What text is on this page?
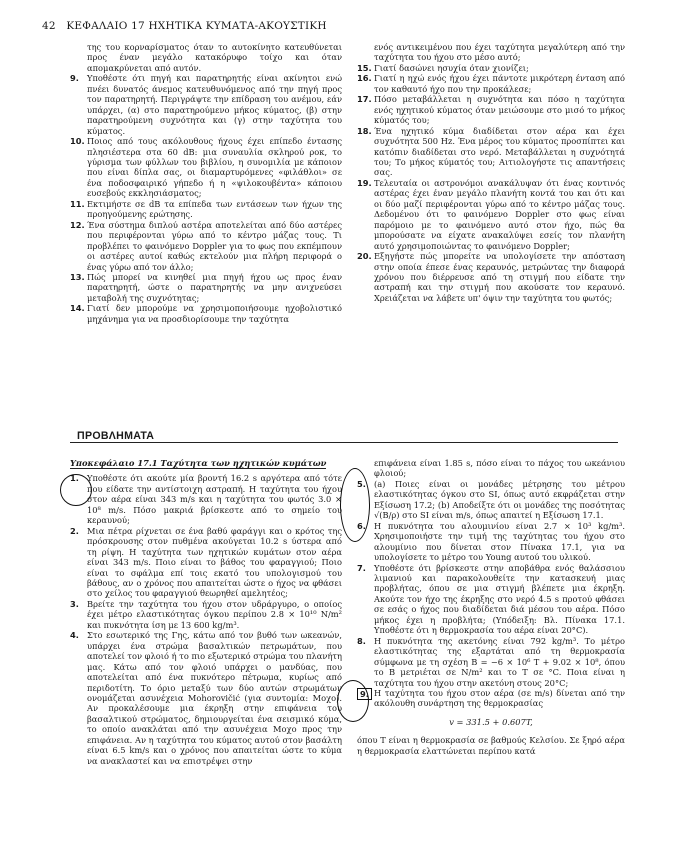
42 ΚΕΦΑΛΑΙΟ 17 ΗΧΗΤΙΚΑ ΚΥΜΑΤΑ-ΑΚΟΥΣΤΙΚΗ
της του κορναρίσματος όταν το αυτοκίνητο κατευθύνεται προς έναν μεγάλο κατακόρυφο τοίχο και όταν απομακρύνεται από αυτόν.
9. Υποθέστε ότι πηγή και παρατηρητής είναι ακίνητοι ενώ πνέει δυνατός άνεμος κατευθυνόμενος από την πηγή προς τον παρατηρητή. Περιγράψτε την επίδραση του ανέμου, εάν υπάρχει, (α) στο παρατηρούμενο μήκος κύματος, (β) στην παρατηρούμενη συχνότητα και (γ) στην ταχύτητα του κύματος.
10. Ποιος από τους ακόλουθους ήχους έχει επίπεδο έντασης πλησιέστερα στα 60 dB: μια συναυλία σκληρού ροκ, το γύρισμα των φύλλων του βιβλίου, η συνομιλία με κάποιον που είναι δίπλα σας, οι διαμαρτυρόμενες «φιλάθλοι» σε ένα ποδοσφαιρικό γήπεδο ή η «ψιλοκουβέντα» κάποιου ευσεβούς εκκλησιάσματος;
11. Εκτιμήστε σε dB τα επίπεδα των εντάσεων των ήχων της προηγούμενης ερώτησης.
12. Ένα σύστημα διπλού αστέρα αποτελείται από δύο αστέρες που περιφέρονται γύρω από το κέντρο μάζας τους. Τι προβλέπει το φαινόμενο Doppler για το φως που εκπέμπουν οι αστέρες αυτοί καθώς εκτελούν μια πλήρη περιφορά ο ένας γύρω από τον άλλο;
13. Πώς μπορεί να κινηθεί μια πηγή ήχου ως προς έναν παρατηρητή, ώστε ο παρατηρητής να μην ανιχνεύσει μεταβολή της συχνότητας;
14. Γιατί δεν μπορούμε να χρησιμοποιήσουμε ηχοβολιστικό μηχάνημα για να προσδιορίσουμε την ταχύτητα
ενός αντικειμένου που έχει ταχύτητα μεγαλύτερη από την ταχύτητα του ήχου στο μέσο αυτό;
15. Γιατί δασώνει ησυχία όταν χιονίζει;
16. Γιατί η ηχώ ενός ήχου έχει πάντοτε μικρότερη ένταση από τον καθαυτό ήχο που την προκάλεσε;
17. Πόσο μεταβάλλεται η συχνότητα και πόσο η ταχύτητα ενός ηχητικού κύματος όταν μειώσουμε στο μισό το μήκος κύματός του;
18. Ένα ηχητικό κύμα διαδίδεται στον αέρα και έχει συχνότητα 500 Hz. Ένα μέρος του κύματος προσπίπτει και κατόπιν διαδίδεται στο νερό. Μεταβάλλεται η συχνότητά του; Το μήκος κύματός του; Αιτιολογήστε τις απαντήσεις σας.
19. Τελευταία οι αστρονόμοι ανακάλυψαν ότι ένας κοντινός αστέρας έχει έναν μεγάλο πλανήτη κοντά του και ότι και οι δύο μαζί περιφέρονται γύρω από το κέντρο μάζας τους. Δεδομένου ότι το φαινόμενο Doppler στο φως είναι παρόμοιο με το φαινόμενο αυτό στον ήχο, πώς θα μπορούσατε να είχατε ανακαλύψει εσείς τον πλανήτη αυτό χρησιμοποιώντας το φαινόμενο Doppler;
20. Εξηγήστε πώς μπορείτε να υπολογίσετε την απόσταση στην οποία έπεσε ένας κεραυνός, μετρώντας την διαφορά χρόνου που διέρρευσε από τη στιγμή που είδατε την αστραπή και την στιγμή που ακούσατε τον κεραυνό. Χρειάζεται να λάβετε υπ' όψιν την ταχύτητα του φωτός;
ΠΡΟΒΛΗΜΑΤΑ
Υποκεφάλαιο 17.1 Ταχύτητα των ηχητικών κυμάτων
1. Υποθέστε ότι ακούτε μία βροντή 16.2 s αργότερα από τότε που είδατε την αντίστοιχη αστραπή. Η ταχύτητα του ήχου στον αέρα είναι 343 m/s και η ταχύτητα του φωτός 3.0 × 10⁸ m/s. Πόσο μακριά βρίσκεστε από το σημείο του κεραυνού;
2. Μια πέτρα ρίχνεται σε ένα βαθύ φαράγγι και ο κρότος της πρόσκρουσης στον πυθμένα ακούγεται 10.2 s ύστερα από τη ρίψη. Η ταχύτητα των ηχητικών κυμάτων στον αέρα είναι 343 m/s. Ποιο είναι το βάθος του φαραγγιού; Ποιο είναι το σφάλμα επί τοις εκατό του υπολογισμού του βάθους, αν ο χρόνος που απαιτείται ώστε ο ήχος να φθάσει στο χείλος του φαραγγιού θεωρηθεί αμελητέος;
3. Βρείτε την ταχύτητα του ήχου στον υδράργυρο, ο οποίος έχει μέτρο ελαστικότητας όγκου περίπου 2.8 × 10¹⁰ N/m² και πυκνότητα ίση με 13 600 kg/m³.
4. Στο εσωτερικό της Γης, κάτω από τον βυθό των ωκεανών, υπάρχει ένα στρώμα βασαλτικών πετρωμάτων, που αποτελεί τον φλοιό ή το πιο εξωτερικό στρώμα του πλανήτη μας. Κάτω από τον φλοιό υπάρχει ο μανδύας, που αποτελείται από ένα πυκνότερο πέτρωμα, κυρίως από περιδοτίτη. Το όριο μεταξύ των δύο αυτών στρωμάτων ονομάζεται ασυνέχεια Mohorovičić (για συντομία: Μοχο). Αν προκαλέσουμε μια έκρηξη στην επιφάνεια του βασαλτικού στρώματος, δημιουργείται ένα σεισμικό κύμα, το οποίο ανακλάται από την ασυνέχεια Μοχο προς την επιφάνεια. Αν η ταχύτητα του κύματος αυτού στον βασάλτη είναι 6.5 km/s και ο χρόνος που απαιτείται ώστε το κύμα να ανακλαστεί και να επιστρέψει στην

επιφάνεια είναι 1.85 s, πόσο είναι το πάχος του ωκεάνιου φλοιού;

5. (a) Ποιες είναι οι μονάδες μέτρησης του μέτρου ελαστικότητας όγκου στο SI, όπως αυτό εκφράζεται στην Εξίσωση 17.2; (b) Αποδείξτε ότι οι μονάδες της ποσότητας √(B/ρ) στο SI είναι m/s, όπως απαιτεί η Εξίσωση 17.1.
6. Η πυκνότητα του αλουμινίου είναι 2.7 × 10³ kg/m³. Χρησιμοποιήστε την τιμή της ταχύτητας του ήχου στο αλουμίνιο που δίνεται στον Πίνακα 17.1, για να υπολογίσετε το μέτρο του Young αυτού του υλικού.
7. Υποθέστε ότι βρίσκεστε στην αποβάθρα ενός θαλάσσιου λιμανιού και παρακολουθείτε την κατασκευή μιας προβλήτας, όπου σε μια στιγμή βλέπετε μια έκρηξη. Ακούτε τον ήχο της έκρηξης στο νερό 4.5 s προτού φθάσει σε εσάς ο ήχος που διαδίδεται διά μέσου του αέρα. Πόσο μήκος έχει η προβλήτα; (Υπόδειξη: Βλ. Πίνακα 17.1. Υποθέστε ότι η θερμοκρασία του αέρα είναι 20°C).
8. Η πυκνότητα της ακετόνης είναι 792 kg/m³. Το μέτρο ελαστικότητας της εξαρτάται από τη θερμοκρασία σύμφωνα με τη σχέση B = −6 × 10⁶ T + 9.02 × 10⁸, όπου το B μετριέται σε N/m² και το T σε °C. Ποια είναι η ταχύτητα του ήχου στην ακετόνη στους 20°C;
9. Η ταχύτητα του ήχου στον αέρα (σε m/s) δίνεται από την ακόλουθη συνάρτηση της θερμοκρασίας
v = 331.5 + 0.607T,

όπου T είναι η θερμοκρασία σε βαθμούς Κελσίου. Σε ξηρό αέρα η θερμοκρασία ελαττώνεται περίπου κατά
